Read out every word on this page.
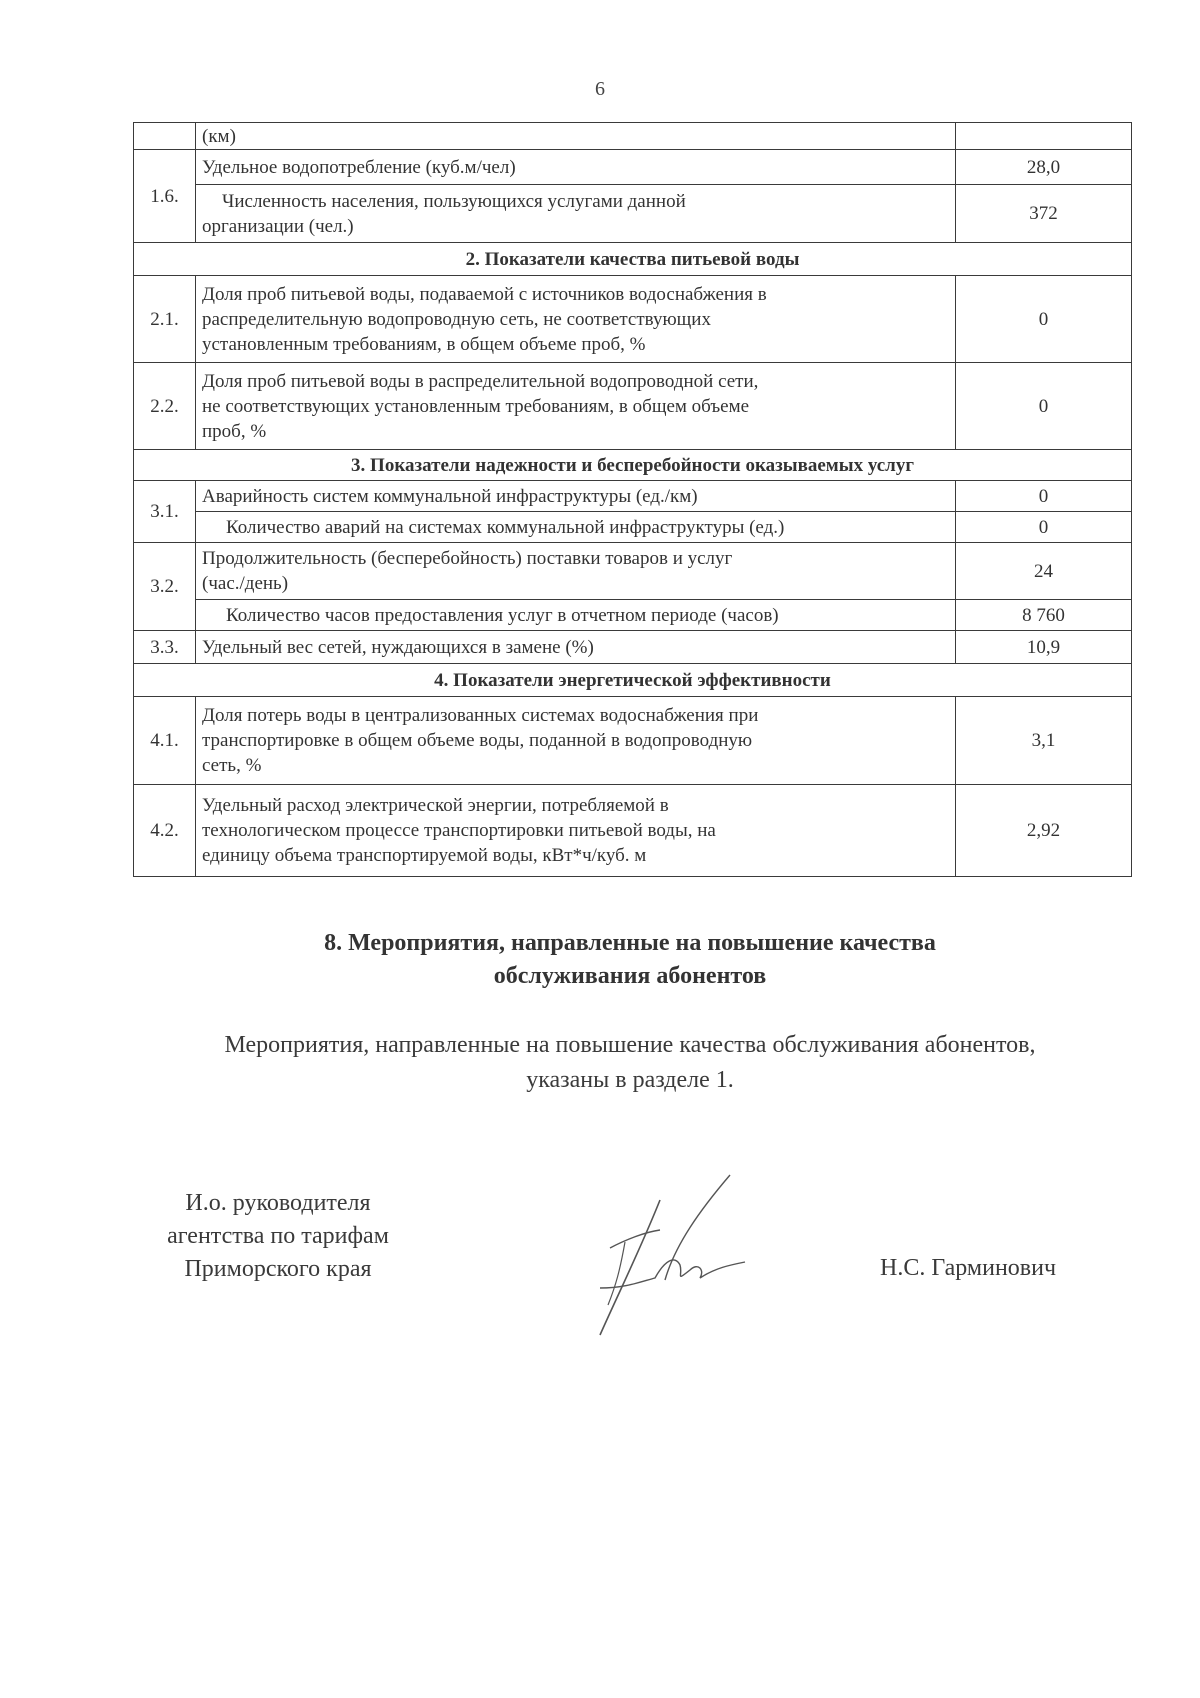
6
	(км)	
1.6.	Удельное водопотребление (куб.м/чел)	28,0

	Численность населения, пользующихся услугами данной
организации (чел.)	372
2. Показатели качества питьевой воды		
2.1.	Доля проб питьевой воды, подаваемой с источников водоснабжения в
распределительную водопроводную сеть, не соответствующих
установленным требованиям, в общем объеме проб, %	0
2.2.	Доля проб питьевой воды в распределительной водопроводной сети,
не соответствующих установленным требованиям, в общем объеме
проб, %	0
3. Показатели надежности и бесперебойности оказываемых услуг		
3.1.	Аварийность систем коммунальной инфраструктуры (ед./км)	0
	Количество аварий на системах коммунальной инфраструктуры (ед.)	0
3.2.	Продолжительность (бесперебойность) поставки товаров и услуг
(час./день)	24
	Количество часов предоставления услуг в отчетном периоде (часов)	8 760
3.3.	Удельный вес сетей, нуждающихся в замене (%)	10,9
4. Показатели энергетической эффективности		
4.1.	Доля потерь воды в централизованных системах водоснабжения при
транспортировке в общем объеме воды, поданной в водопроводную
сеть, %	3,1
4.2.	Удельный расход электрической энергии, потребляемой в
технологическом процессе транспортировки питьевой воды, на
единицу объема транспортируемой воды, кВт*ч/куб. м	2,92
8. Мероприятия, направленные на повышение качества
обслуживания абонентов
Мероприятия, направленные на повышение качества обслуживания абонентов,
указаны в разделе 1.
И.о. руководителя
агентства по тарифам
Приморского края	Н.С. Гарминович
